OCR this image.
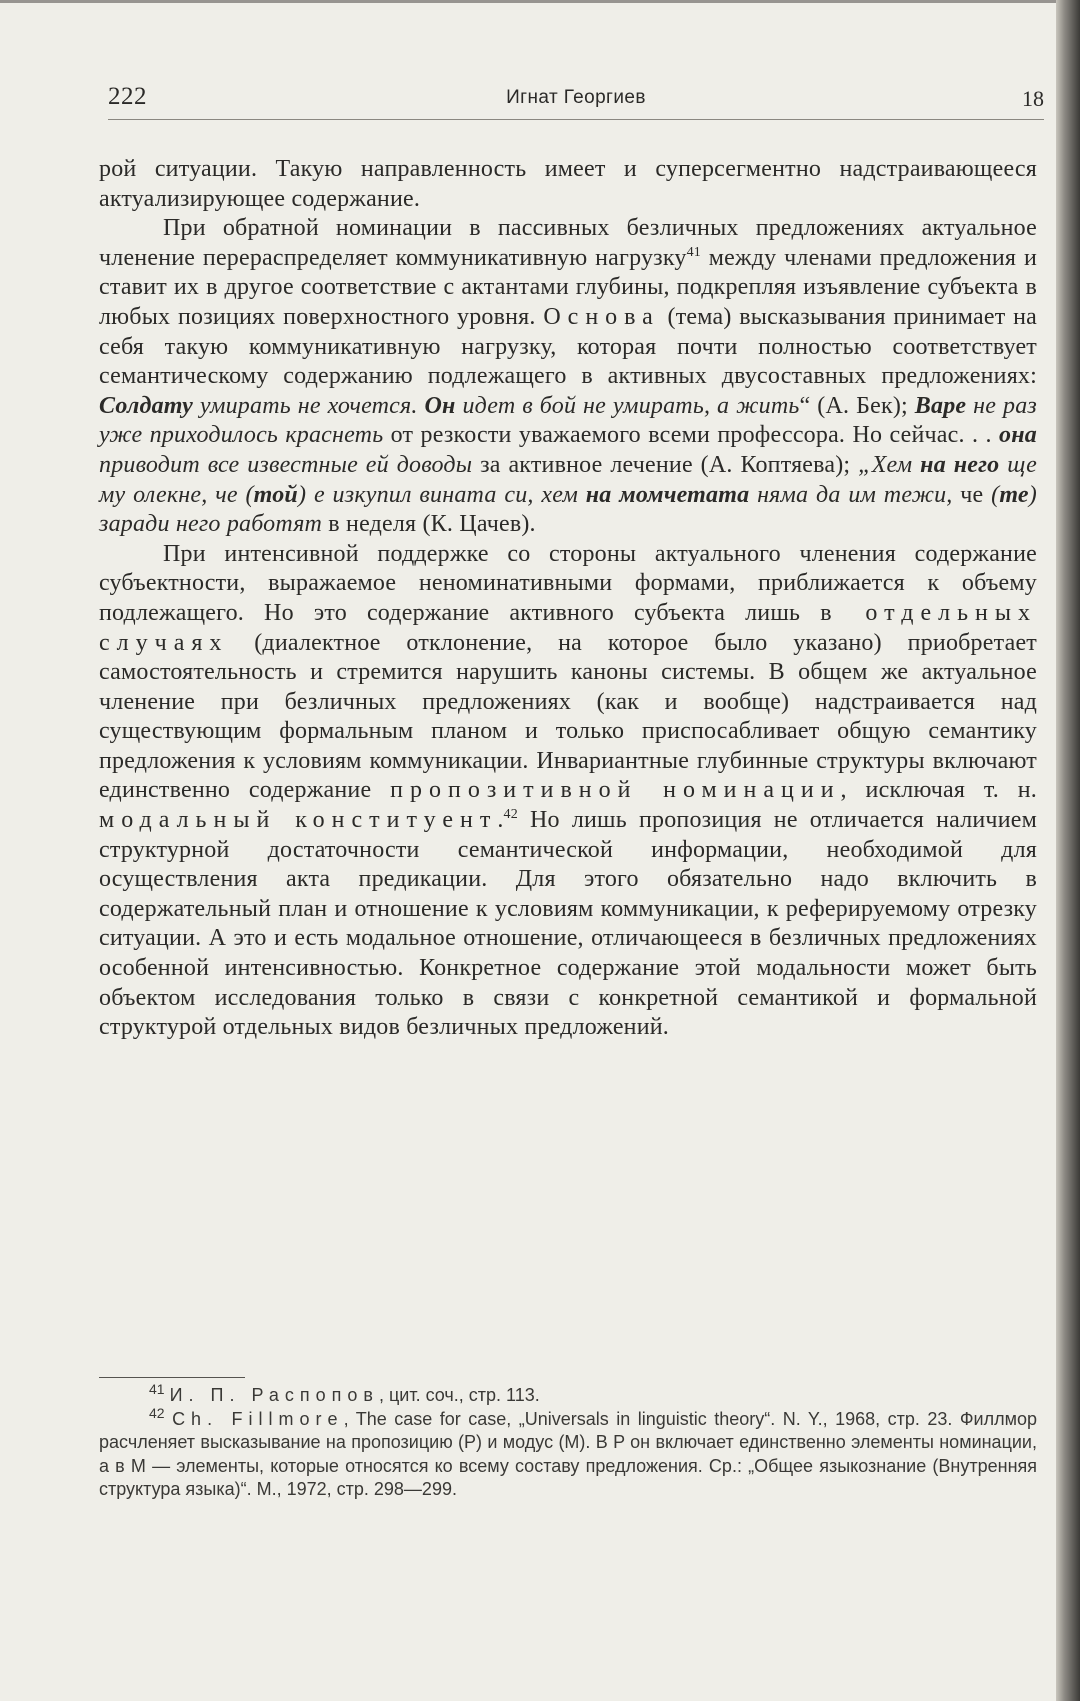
222	Игнат Георгиев	18

рой ситуации. Такую направленность имеет и суперсегментно надстраивающееся актуализирующее содержание.

При обратной номинации в пассивных безличных предложениях актуальное членение перераспределяет коммуникативную нагрузку$^{41}$ между членами предложения и ставит их в другое соответствие с актантами глубины, подкрепляя изъявление субъекта в любых позициях поверхностного уровня. Основа (тема) высказывания принимает на себя такую коммуникативную нагрузку, которая почти полностью соответствует семантическому содержанию подлежащего в активных двусоставных предложениях: Солдату умирать не хочется. Он идет в бой не умирать, а жить“ (А. Бек); Варе не раз уже приходилось краснеть от резкости уважаемого всеми профессора. Но сейчас. . . она приводит все известные ей доводы за активное лечение (А. Коптяева); „Хем на него ще му олекне, че (той) е изкупил вината си, хем на момчетата няма да им тежи, че (те) заради него работят в неделя (К. Цачев).

При интенсивной поддержке со стороны актуального членения содержание субъектности, выражаемое неноминативными формами, приближается к объему подлежащего. Но это содержание активного субъекта лишь в отдельных случаях (диалектное отклонение, на которое было указано) приобретает самостоятельность и стремится нарушить каноны системы. В общем же актуальное членение при безличных предложениях (как и вообще) надстраивается над существующим формальным планом и только приспосабливает общую семантику предложения к условиям коммуникации. Инвариантные глубинные структуры включают единственно содержание пропозитивной номинации, исключая т. н. модальный конституент.$^{42}$ Но лишь пропозиция не отличается наличием структурной достаточности семантической информации, необходимой для осуществления акта предикации. Для этого обязательно надо включить в содержательный план и отношение к условиям коммуникации, к реферируемому отрезку ситуации. А это и есть модальное отношение, отличающееся в безличных предложениях особенной интенсивностью. Конкретное содержание этой модальности может быть объектом исследования только в связи с конкретной семантикой и формальной структурой отдельных видов безличных предложений.

$^{41}$ И. П. Распопов, цит. соч., стр. 113.

$^{42}$ Ch. Fillmore, The case for case, „Universals in linguistic theory“. N. Y., 1968, стр. 23. Филлмор расчленяет высказывание на пропозицию (P) и модус (M). В P он включает единственно элементы номинации, а в M — элементы, которые относятся ко всему составу предложения. Ср.: „Общее языкознание (Внутренняя структура языка)“. М., 1972, стр. 298—299.
